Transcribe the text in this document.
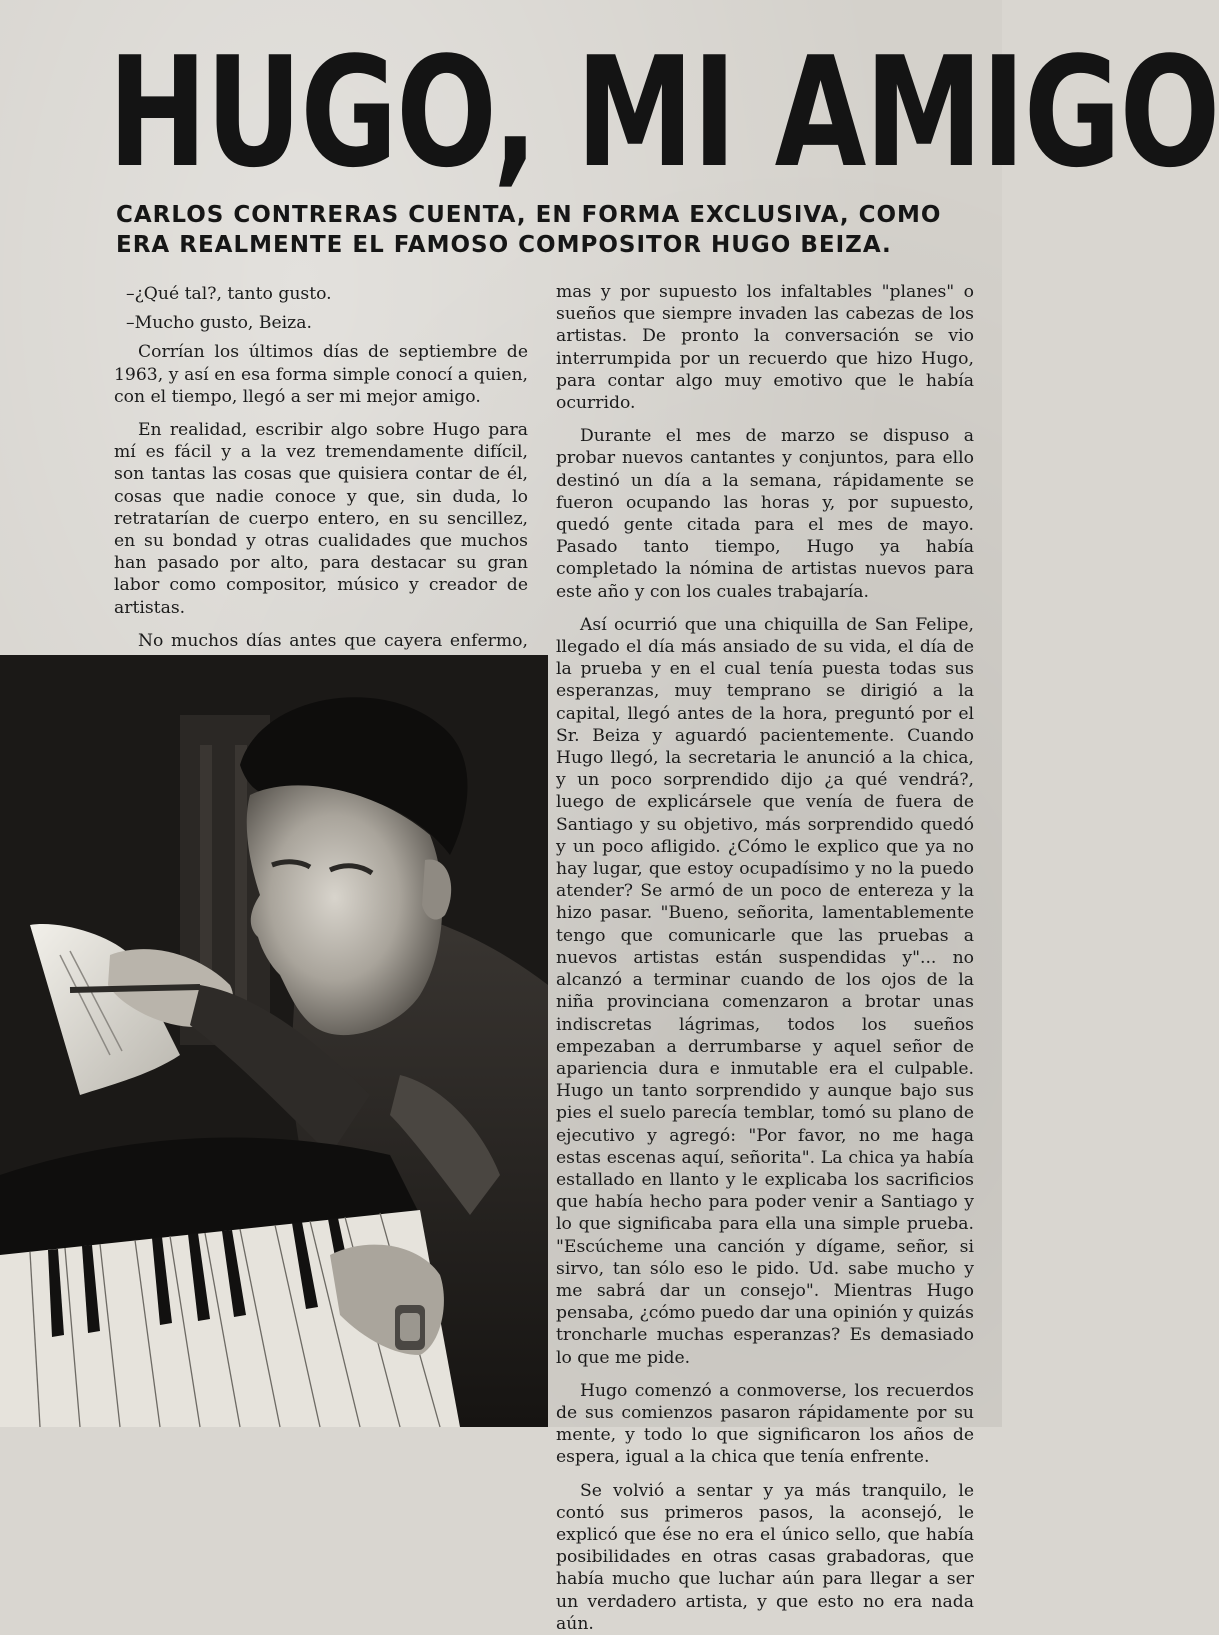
HUGO, MI AMIGO
CARLOS CONTRERAS CUENTA, EN FORMA EXCLUSIVA, COMO ERA REALMENTE EL FAMOSO COMPOSITOR HUGO BEIZA.

–¿Qué tal?, tanto gusto.

–Mucho gusto, Beiza.

Corrían los últimos días de septiembre de 1963, y así en esa forma simple conocí a quien, con el tiempo, llegó a ser mi mejor amigo.

En realidad, escribir algo sobre Hugo para mí es fácil y a la vez tremendamente difícil, son tantas las cosas que quisiera contar de él, cosas que nadie conoce y que, sin duda, lo retratarían de cuerpo entero, en su sencillez, en su bondad y otras cualidades que muchos han pasado por alto, para destacar su gran labor como compositor, músico y creador de artistas.

No muchos días antes que cayera enfermo,

mas y por supuesto los infaltables "planes" o sueños que siempre invaden las cabezas de los artistas. De pronto la conversación se vio interrumpida por un recuerdo que hizo Hugo, para contar algo muy emotivo que le había ocurrido.

Durante el mes de marzo se dispuso a probar nuevos cantantes y conjuntos, para ello destinó un día a la semana, rápidamente se fueron ocupando las horas y, por supuesto, quedó gente citada para el mes de mayo. Pasado tanto tiempo, Hugo ya había completado la nómina de artistas nuevos para este año y con los cuales trabajaría.

Así ocurrió que una chiquilla de San Felipe, llegado el día más ansiado de su vida, el día de la prueba y en el cual tenía puesta todas sus esperanzas, muy temprano se dirigió a la capital, llegó antes de la hora, preguntó por el Sr. Beiza y aguardó pacientemente. Cuando Hugo llegó, la secretaria le anunció a la chica, y un poco sorprendido dijo ¿a qué vendrá?, luego de explicársele que venía de fuera de Santiago y su objetivo, más sorprendido quedó y un poco afligido. ¿Cómo le explico que ya no hay lugar, que estoy ocupadísimo y no la puedo atender? Se armó de un poco de entereza y la hizo pasar. "Bueno, señorita, lamentablemente tengo que comunicarle que las pruebas a nuevos artistas están suspendidas y"... no alcanzó a terminar cuando de los ojos de la niña provinciana comenzaron a brotar unas indiscretas lágrimas, todos los sueños empezaban a derrumbarse y aquel señor de apariencia dura e inmutable era el culpable. Hugo un tanto sorprendido y aunque bajo sus pies el suelo parecía temblar, tomó su plano de ejecutivo y agregó: "Por favor, no me haga estas escenas aquí, señorita". La chica ya había estallado en llanto y le explicaba los sacrificios que había hecho para poder venir a Santiago y lo que significaba para ella una simple prueba. "Escúcheme una canción y dígame, señor, si sirvo, tan sólo eso le pido. Ud. sabe mucho y me sabrá dar un consejo". Mientras Hugo pensaba, ¿cómo puedo dar una opinión y quizás troncharle muchas esperanzas? Es demasiado lo que me pide.

Hugo comenzó a conmoverse, los recuerdos de sus comienzos pasaron rápidamente por su mente, y todo lo que significaron los años de espera, igual a la chica que tenía enfrente.

Se volvió a sentar y ya más tranquilo, le contó sus primeros pasos, la aconsejó, le explicó que ése no era el único sello, que había posibilidades en otras casas grabadoras, que había mucho que luchar aún para llegar a ser un verdadero artista, y que esto no era nada aún.
